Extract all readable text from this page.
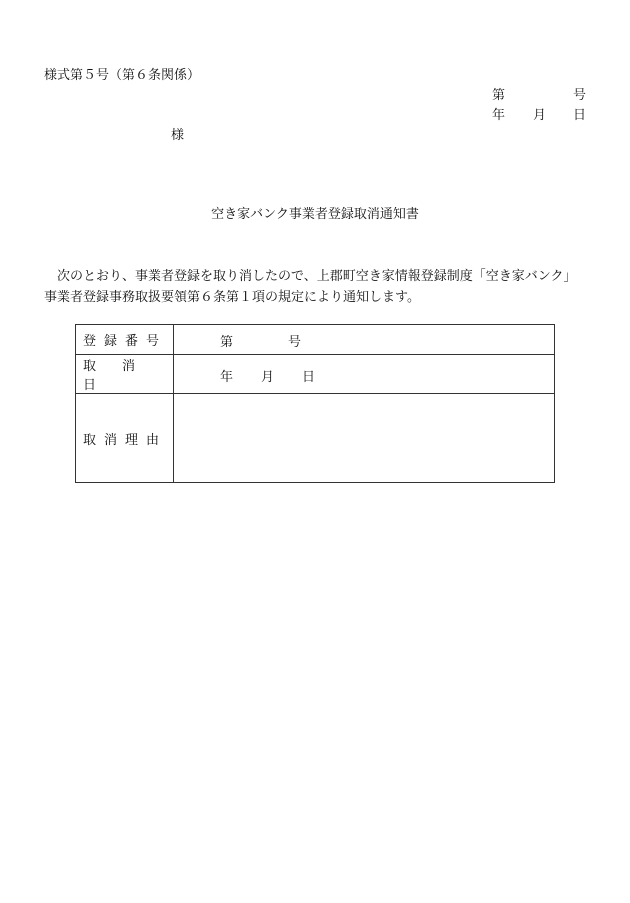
様式第５号（第６条関係）
第	号
年 月 日
様
空き家バンク事業者登録取消通知書
次のとおり、事業者登録を取り消したので、上郡町空き家情報登録制度「空き家バンク」事業者登録事務取扱要領第６条第１項の規定により通知します。
登録番号	第 号

取消日	年 月 日

取消理由	
